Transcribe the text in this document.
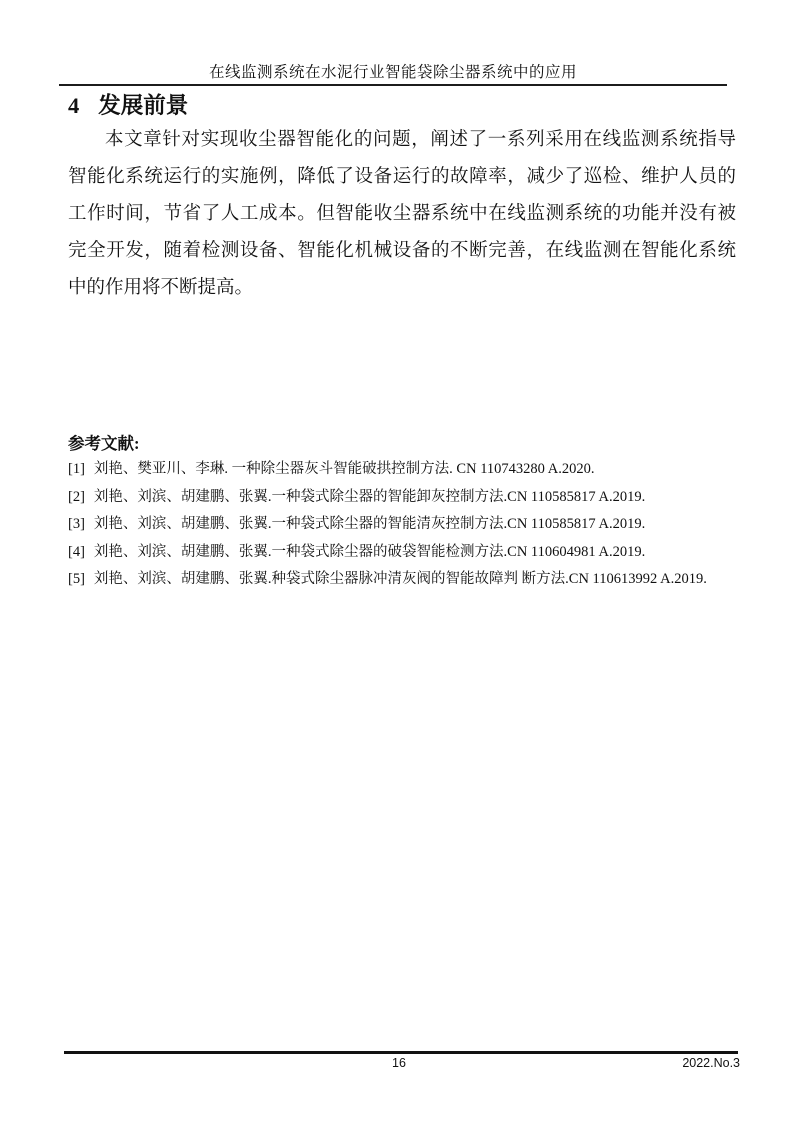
在线监测系统在水泥行业智能袋除尘器系统中的应用
4 发展前景
本文章针对实现收尘器智能化的问题，阐述了一系列采用在线监测系统指导
智能化系统运行的实施例，降低了设备运行的故障率，减少了巡检、维护人员的
工作时间，节省了人工成本。但智能收尘器系统中在线监测系统的功能并没有被
完全开发，随着检测设备、智能化机械设备的不断完善，在线监测在智能化系统
中的作用将不断提高。
参考文献:
[1] 刘艳、樊亚川、李琳. 一种除尘器灰斗智能破拱控制方法. CN 110743280 A.2020.
[2] 刘艳、刘滨、胡建鹏、张翼.一种袋式除尘器的智能卸灰控制方法.CN 110585817 A.2019.
[3] 刘艳、刘滨、胡建鹏、张翼.一种袋式除尘器的智能清灰控制方法.CN 110585817 A.2019.
[4] 刘艳、刘滨、胡建鹏、张翼.一种袋式除尘器的破袋智能检测方法.CN 110604981 A.2019.
[5] 刘艳、刘滨、胡建鹏、张翼.种袋式除尘器脉冲清灰阀的智能故障判 断方法.CN 110613992 A.2019.
16	2022.No.3
